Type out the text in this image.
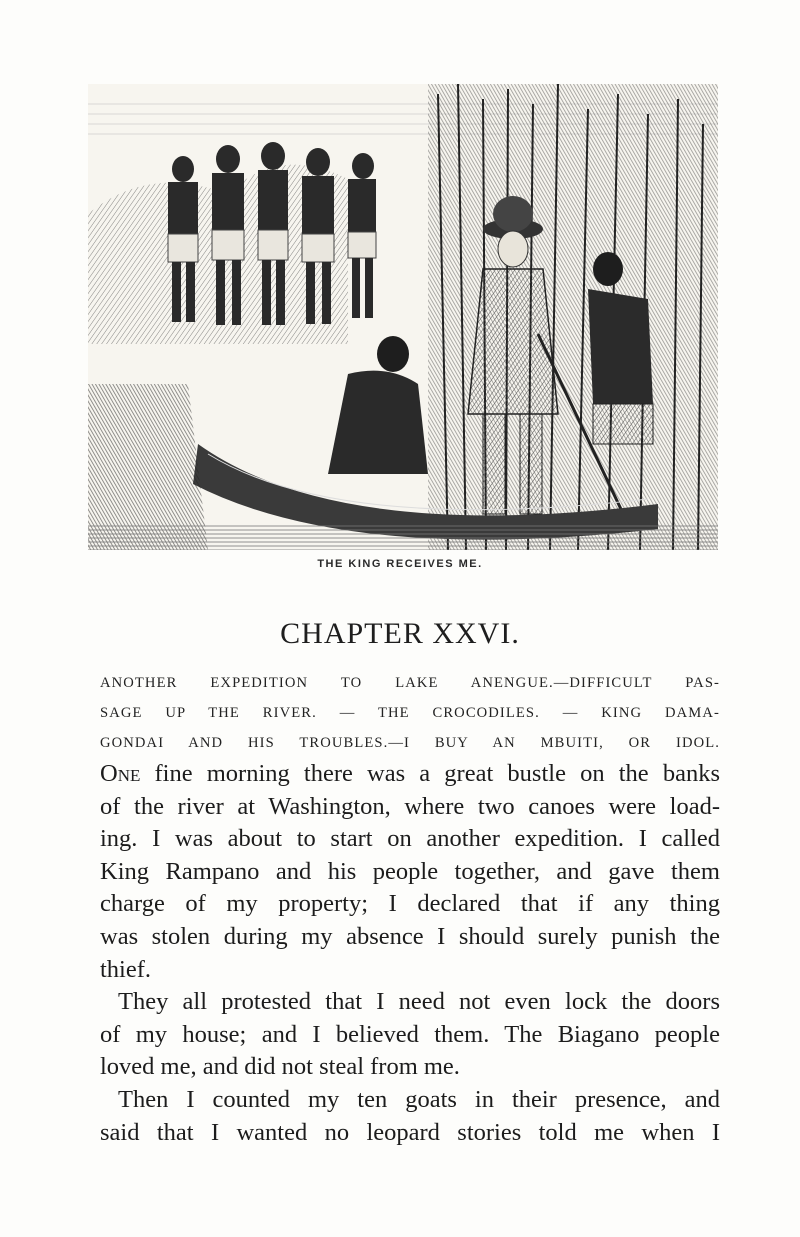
THE KING RECEIVES ME.
CHAPTER XXVI.
ANOTHER EXPEDITION TO LAKE ANENGUE.—DIFFICULT PAS-
SAGE UP THE RIVER. — THE CROCODILES. — KING DAMA-
GONDAI AND HIS TROUBLES.—I BUY AN MBUITI, OR IDOL.
One fine morning there was a great bustle on the banks
of the river at Washington, where two canoes were load-
ing. I was about to start on another expedition. I called
King Rampano and his people together, and gave them
charge of my property; I declared that if any thing
was stolen during my absence I should surely punish the
thief.
They all protested that I need not even lock the doors
of my house; and I believed them. The Biagano people
loved me, and did not steal from me.
Then I counted my ten goats in their presence, and
said that I wanted no leopard stories told me when I
